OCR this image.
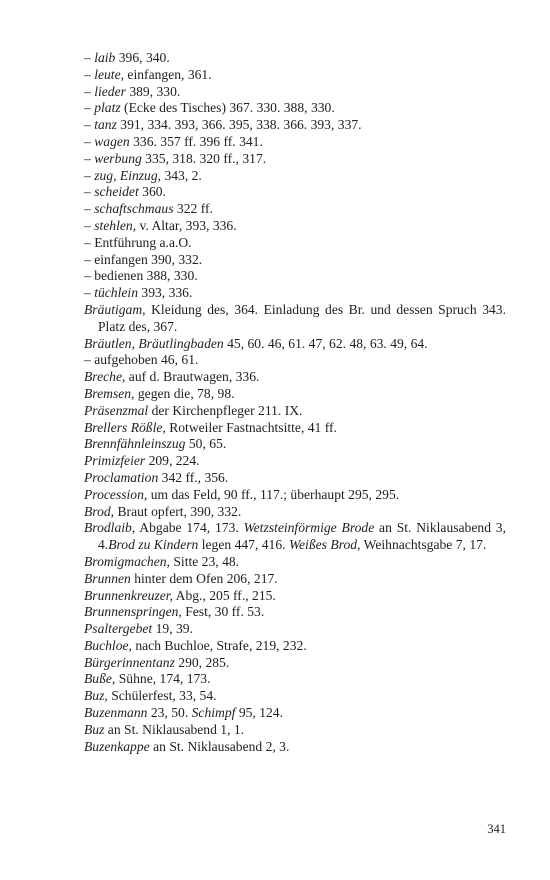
– laib 396, 340.

– leute, einfangen, 361.

– lieder 389, 330.

– platz (Ecke des Tisches) 367. 330. 388, 330.

– tanz 391, 334. 393, 366. 395, 338. 366. 393, 337.

– wagen 336. 357 ff. 396 ff. 341.

– werbung 335, 318. 320 ff., 317.

– zug, Einzug, 343, 2.

– scheidet 360.

– schaftschmaus 322 ff.

– stehlen, v. Altar, 393, 336.

– Entführung a.a.O.

– einfangen 390, 332.

– bedienen 388, 330.

– tüchlein 393, 336.

Bräutigam, Kleidung des, 364. Einladung des Br. und dessen Spruch 343. Platz des, 367.

Bräutlen, Bräutlingbaden 45, 60. 46, 61. 47, 62. 48, 63. 49, 64.

– aufgehoben 46, 61.

Breche, auf d. Brautwagen, 336.

Bremsen, gegen die, 78, 98.

Präsenzmal der Kirchenpfleger 211. IX.

Brellers Rößle, Rotweiler Fastnachtsitte, 41 ff.

Brennfähnleinszug 50, 65.

Primizfeier 209, 224.

Proclamation 342 ff., 356.

Procession, um das Feld, 90 ff., 117.; überhaupt 295, 295.

Brod, Braut opfert, 390, 332.

Brodlaib, Abgabe 174, 173. Wetzsteinförmige Brode an St. Niklausabend 3, 4.Brod zu Kindern legen 447, 416. Weißes Brod, Weihnachtsgabe 7, 17.

Bromigmachen, Sitte 23, 48.

Brunnen hinter dem Ofen 206, 217.

Brunnenkreuzer, Abg., 205 ff., 215.

Brunnenspringen, Fest, 30 ff. 53.

Psaltergebet 19, 39.

Buchloe, nach Buchloe, Strafe, 219, 232.

Bürgerinnentanz 290, 285.

Buße, Sühne, 174, 173.

Buz, Schülerfest, 33, 54.

Buzenmann 23, 50. Schimpf 95, 124.

Buz an St. Niklausabend 1, 1.

Buzenkappe an St. Niklausabend 2, 3.

341
